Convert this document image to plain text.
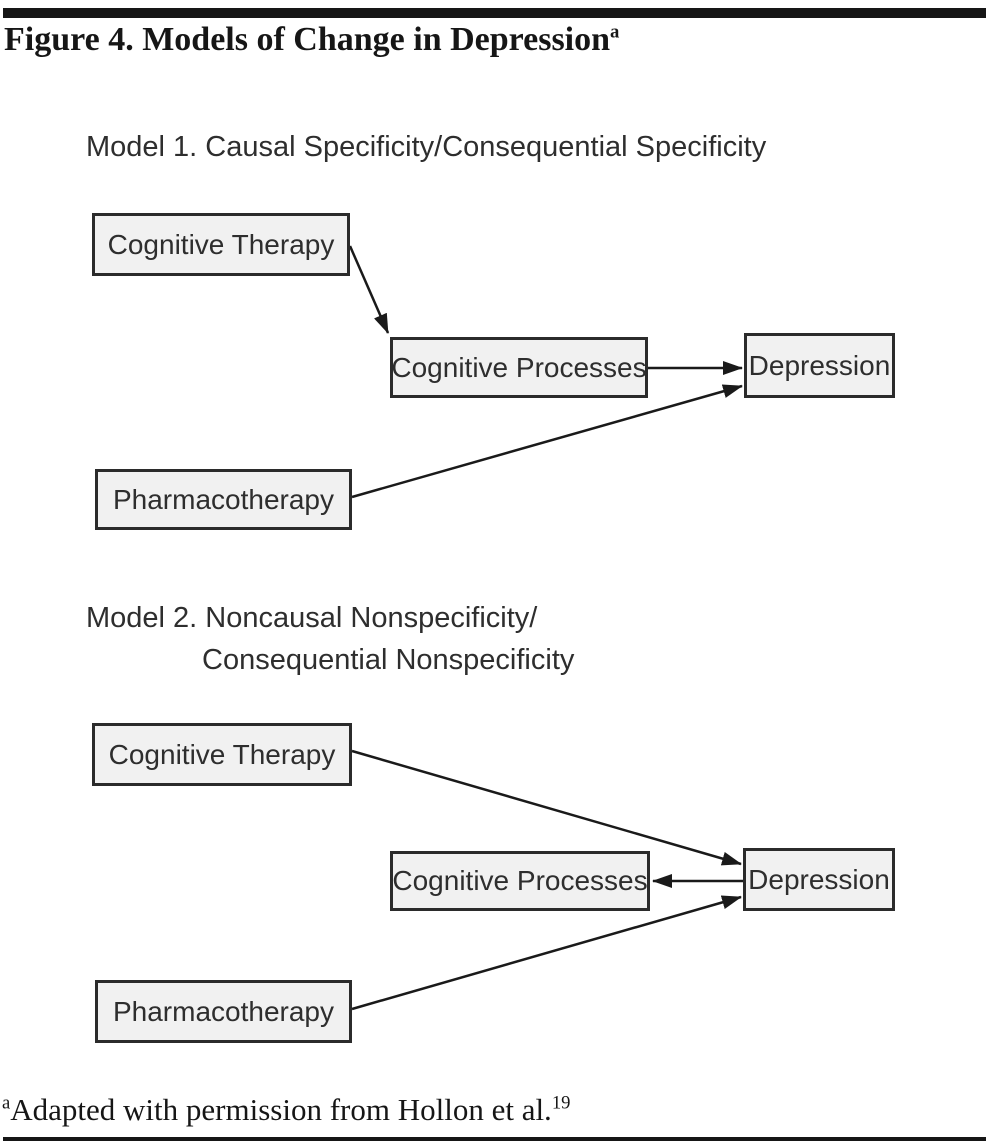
Figure 4. Models of Change in Depression$^a$
Model 1. Causal Specificity/Consequential Specificity
Model 2. Noncausal Nonspecificity/
Consequential Nonspecificity
Cognitive Therapy
Cognitive Processes	Depression
Pharmacotherapy
Cognitive Therapy
Cognitive Processes	Depression
Pharmacotherapy
$^a$Adapted with permission from Hollon et al.$^{19}$
